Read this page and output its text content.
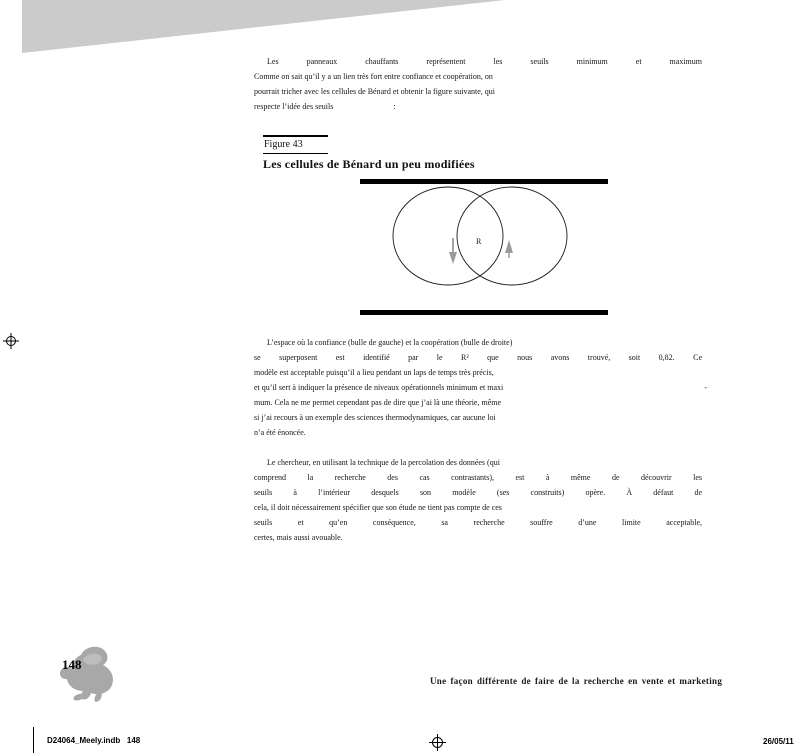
Les panneaux chauffants représentent les seuils minimum et maximum
Comme on sait qu’il y a un lien très fort entre confiance et coopération, on
pourrait tricher avec les cellules de Bénard et obtenir la figure suivante, qui
respecte l’idée des seuils	:
Figure 43
Les cellules de Bénard un peu modifiées
R
L’espace où la confiance (bulle de gauche) et la coopération (bulle de droite)
se superposent est identifié par le R² que nous avons trouvé, soit 0,82. Ce
modèle est acceptable puisqu’il a lieu pendant un laps de temps très précis,
et qu’il sert à indiquer la présence de niveaux opérationnels minimum et maxi	-
mum. Cela ne me permet cependant pas de dire que j’ai là une théorie, même
si j’ai recours à un exemple des sciences thermodynamiques, car aucune loi
n’a été énoncée.
Le chercheur, en utilisant la technique de la percolation des données (qui
comprend la recherche des cas contrastants), est à même de découvrir les
seuils à l’intérieur desquels son modèle (ses construits) opère. À défaut de
cela, il doit nécessairement spécifier que son étude ne tient pas compte de ces
seuils et qu’en conséquence, sa recherche souffre d’une limite acceptable,
certes, mais aussi avouable.
148
Une façon différente de faire de la recherche en vente et marketing
D24064_Meely.indb   148	26/05/11
